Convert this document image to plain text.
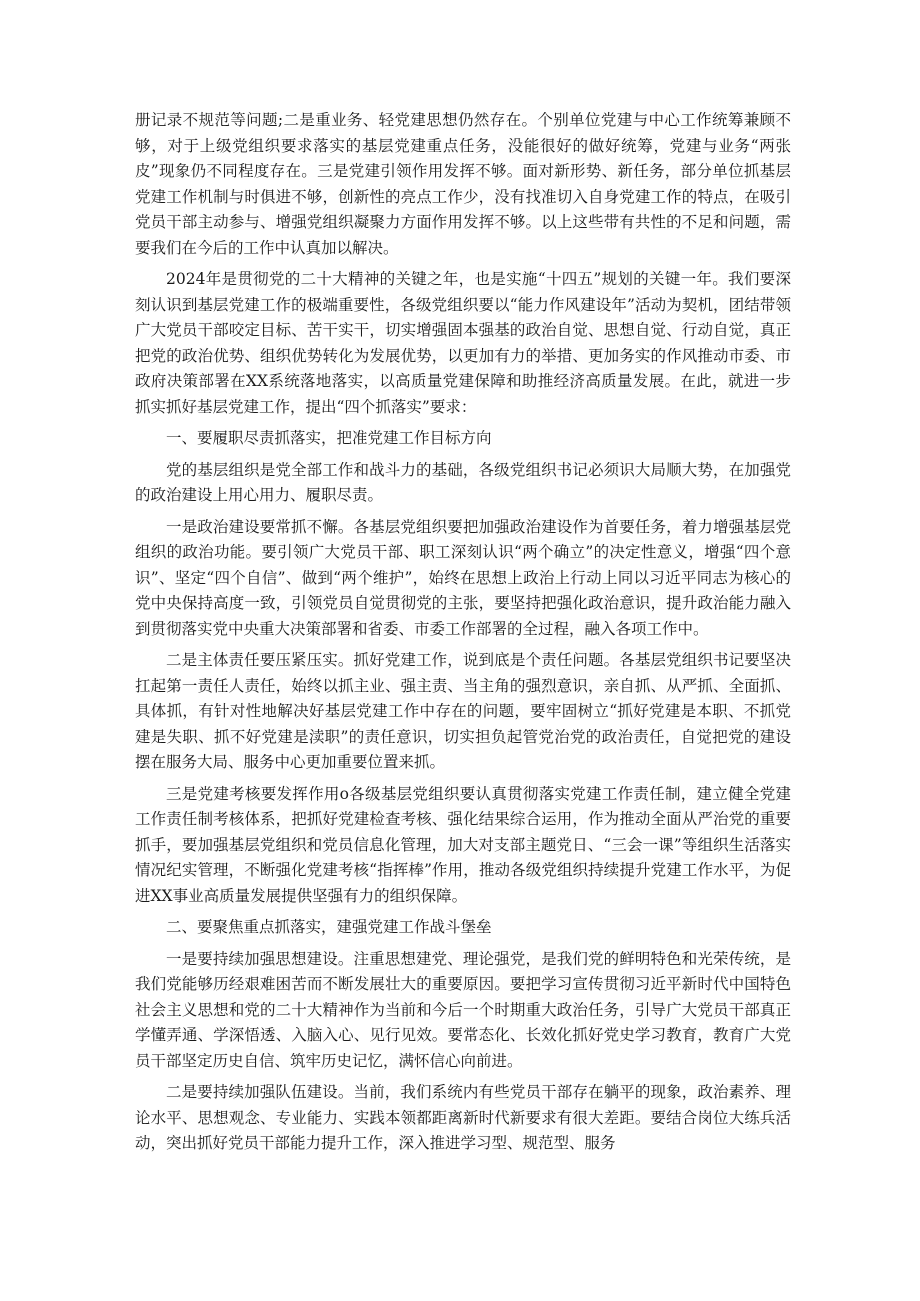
册记录不规范等问题;二是重业务、轻党建思想仍然存在。个别单位党建与中心工作统筹兼顾不够，对于上级党组织要求落实的基层党建重点任务，没能很好的做好统筹，党建与业务“两张皮”现象仍不同程度存在。三是党建引领作用发挥不够。面对新形势、新任务，部分单位抓基层党建工作机制与时俱进不够，创新性的亮点工作少，没有找准切入自身党建工作的特点，在吸引党员干部主动参与、增强党组织凝聚力方面作用发挥不够。以上这些带有共性的不足和问题，需要我们在今后的工作中认真加以解决。

2024年是贯彻党的二十大精神的关键之年，也是实施“十四五”规划的关键一年。我们要深刻认识到基层党建工作的极端重要性，各级党组织要以“能力作风建设年”活动为契机，团结带领广大党员干部咬定目标、苦干实干，切实增强固本强基的政治自觉、思想自觉、行动自觉，真正把党的政治优势、组织优势转化为发展优势，以更加有力的举措、更加务实的作风推动市委、市政府决策部署在XX系统落地落实，以高质量党建保障和助推经济高质量发展。在此，就进一步抓实抓好基层党建工作，提出“四个抓落实”要求：

一、要履职尽责抓落实，把准党建工作目标方向

党的基层组织是党全部工作和战斗力的基础，各级党组织书记必须识大局顺大势，在加强党的政治建设上用心用力、履职尽责。

一是政治建设要常抓不懈。各基层党组织要把加强政治建设作为首要任务，着力增强基层党组织的政治功能。要引领广大党员干部、职工深刻认识“两个确立”的决定性意义，增强“四个意识”、坚定“四个自信”、做到“两个维护”，始终在思想上政治上行动上同以习近平同志为核心的党中央保持高度一致，引领党员自觉贯彻党的主张，要坚持把强化政治意识，提升政治能力融入到贯彻落实党中央重大决策部署和省委、市委工作部署的全过程，融入各项工作中。

二是主体责任要压紧压实。抓好党建工作，说到底是个责任问题。各基层党组织书记要坚决扛起第一责任人责任，始终以抓主业、强主责、当主角的强烈意识，亲自抓、从严抓、全面抓、具体抓，有针对性地解决好基层党建工作中存在的问题，要牢固树立“抓好党建是本职、不抓党建是失职、抓不好党建是渎职”的责任意识，切实担负起管党治党的政治责任，自觉把党的建设摆在服务大局、服务中心更加重要位置来抓。

三是党建考核要发挥作用o各级基层党组织要认真贯彻落实党建工作责任制，建立健全党建工作责任制考核体系，把抓好党建检查考核、强化结果综合运用，作为推动全面从严治党的重要抓手，要加强基层党组织和党员信息化管理，加大对支部主题党日、“三会一课”等组织生活落实情况纪实管理，不断强化党建考核“指挥棒”作用，推动各级党组织持续提升党建工作水平，为促进XX事业高质量发展提供坚强有力的组织保障。

二、要聚焦重点抓落实，建强党建工作战斗堡垒

一是要持续加强思想建设。注重思想建党、理论强党，是我们党的鲜明特色和光荣传统，是我们党能够历经艰难困苦而不断发展壮大的重要原因。要把学习宣传贯彻习近平新时代中国特色社会主义思想和党的二十大精神作为当前和今后一个时期重大政治任务，引导广大党员干部真正学懂弄通、学深悟透、入脑入心、见行见效。要常态化、长效化抓好党史学习教育，教育广大党员干部坚定历史自信、筑牢历史记忆，满怀信心向前进。

二是要持续加强队伍建设。当前，我们系统内有些党员干部存在躺平的现象，政治素养、理论水平、思想观念、专业能力、实践本领都距离新时代新要求有很大差距。要结合岗位大练兵活动，突出抓好党员干部能力提升工作，深入推进学习型、规范型、服务
